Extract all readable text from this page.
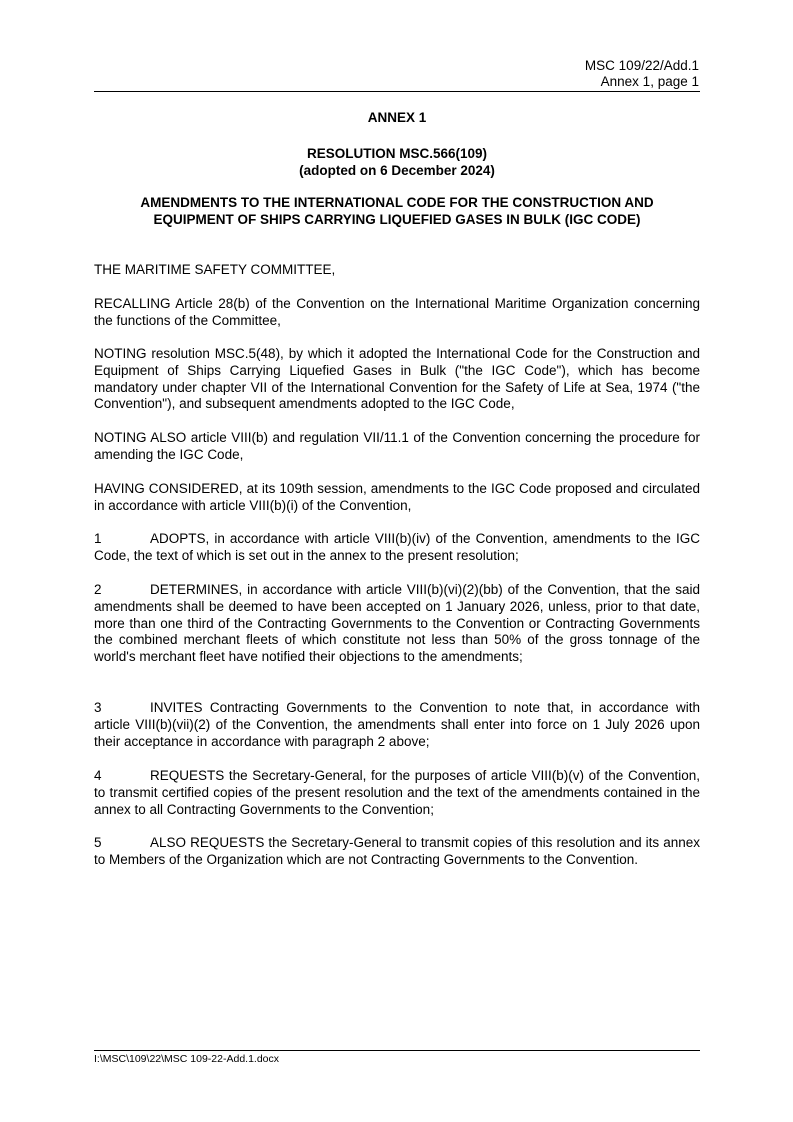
MSC 109/22/Add.1
Annex 1, page 1
ANNEX 1
RESOLUTION MSC.566(109)
(adopted on 6 December 2024)
AMENDMENTS TO THE INTERNATIONAL CODE FOR THE CONSTRUCTION AND
EQUIPMENT OF SHIPS CARRYING LIQUEFIED GASES IN BULK (IGC CODE)

THE MARITIME SAFETY COMMITTEE,

RECALLING Article 28(b) of the Convention on the International Maritime Organization concerning the functions of the Committee,

NOTING resolution MSC.5(48), by which it adopted the International Code for the Construction and Equipment of Ships Carrying Liquefied Gases in Bulk ("the IGC Code"), which has become mandatory under chapter VII of the International Convention for the Safety of Life at Sea, 1974 ("the Convention"), and subsequent amendments adopted to the IGC Code,

NOTING ALSO article VIII(b) and regulation VII/11.1 of the Convention concerning the procedure for amending the IGC Code,

HAVING CONSIDERED, at its 109th session, amendments to the IGC Code proposed and circulated in accordance with article VIII(b)(i) of the Convention,

1	ADOPTS, in accordance with article VIII(b)(iv) of the Convention, amendments to the IGC Code, the text of which is set out in the annex to the present resolution;

2	DETERMINES, in accordance with article VIII(b)(vi)(2)(bb) of the Convention, that the said amendments shall be deemed to have been accepted on 1 January 2026, unless, prior to that date, more than one third of the Contracting Governments to the Convention or Contracting Governments the combined merchant fleets of which constitute not less than 50% of the gross tonnage of the world's merchant fleet have notified their objections to the amendments;

3	INVITES Contracting Governments to the Convention to note that, in accordance with article VIII(b)(vii)(2) of the Convention, the amendments shall enter into force on 1 July 2026 upon their acceptance in accordance with paragraph 2 above;

4	REQUESTS the Secretary-General, for the purposes of article VIII(b)(v) of the Convention, to transmit certified copies of the present resolution and the text of the amendments contained in the annex to all Contracting Governments to the Convention;

5	ALSO REQUESTS the Secretary-General to transmit copies of this resolution and its annex to Members of the Organization which are not Contracting Governments to the Convention.

I:\MSC\109\22\MSC 109-22-Add.1.docx
